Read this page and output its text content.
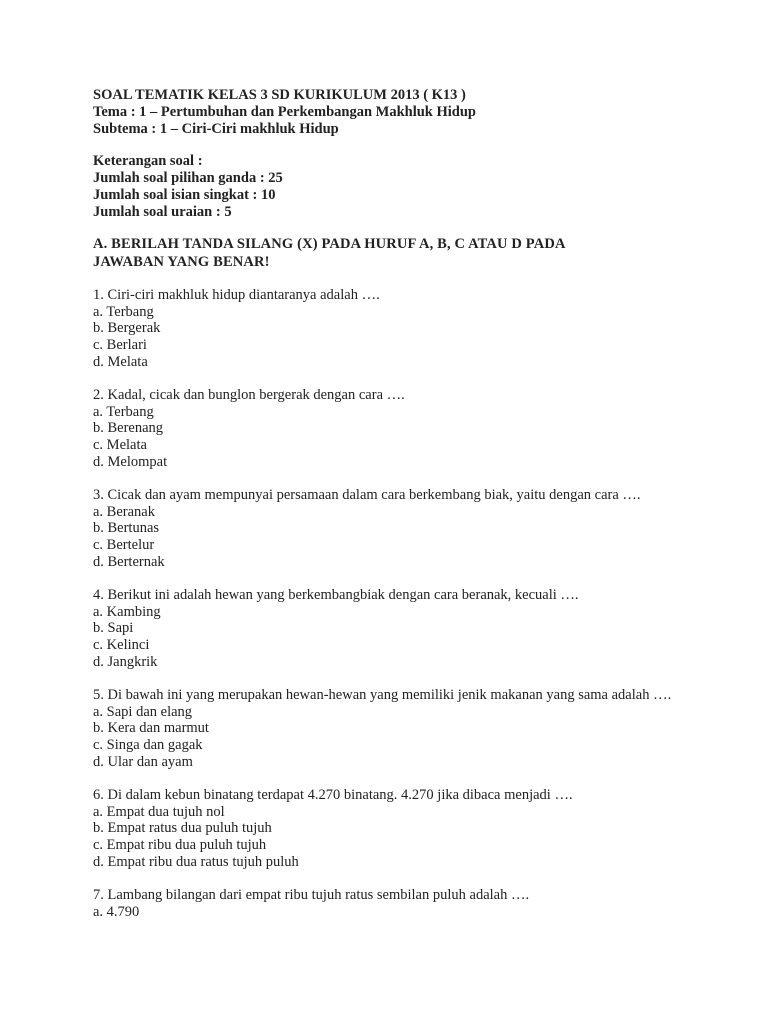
SOAL TEMATIK KELAS 3 SD KURIKULUM 2013 ( K13 )
Tema : 1 – Pertumbuhan dan Perkembangan Makhluk Hidup
Subtema : 1 – Ciri-Ciri makhluk Hidup
Keterangan soal :
Jumlah soal pilihan ganda : 25
Jumlah soal isian singkat : 10
Jumlah soal uraian : 5
A. BERILAH TANDA SILANG (X) PADA HURUF A, B, C ATAU D PADA
JAWABAN YANG BENAR!
1. Ciri-ciri makhluk hidup diantaranya adalah ….
a. Terbang
b. Bergerak
c. Berlari
d. Melata
2. Kadal, cicak dan bunglon bergerak dengan cara ….
a. Terbang
b. Berenang
c. Melata
d. Melompat
3. Cicak dan ayam mempunyai persamaan dalam cara berkembang biak, yaitu dengan cara ….
a. Beranak
b. Bertunas
c. Bertelur
d. Berternak
4. Berikut ini adalah hewan yang berkembangbiak dengan cara beranak, kecuali ….
a. Kambing
b. Sapi
c. Kelinci
d. Jangkrik
5. Di bawah ini yang merupakan hewan-hewan yang memiliki jenik makanan yang sama adalah ….
a. Sapi dan elang
b. Kera dan marmut
c. Singa dan gagak
d. Ular dan ayam
6. Di dalam kebun binatang terdapat 4.270 binatang. 4.270 jika dibaca menjadi ….
a. Empat dua tujuh nol
b. Empat ratus dua puluh tujuh
c. Empat ribu dua puluh tujuh
d. Empat ribu dua ratus tujuh puluh
7. Lambang bilangan dari empat ribu tujuh ratus sembilan puluh adalah ….
a. 4.790
